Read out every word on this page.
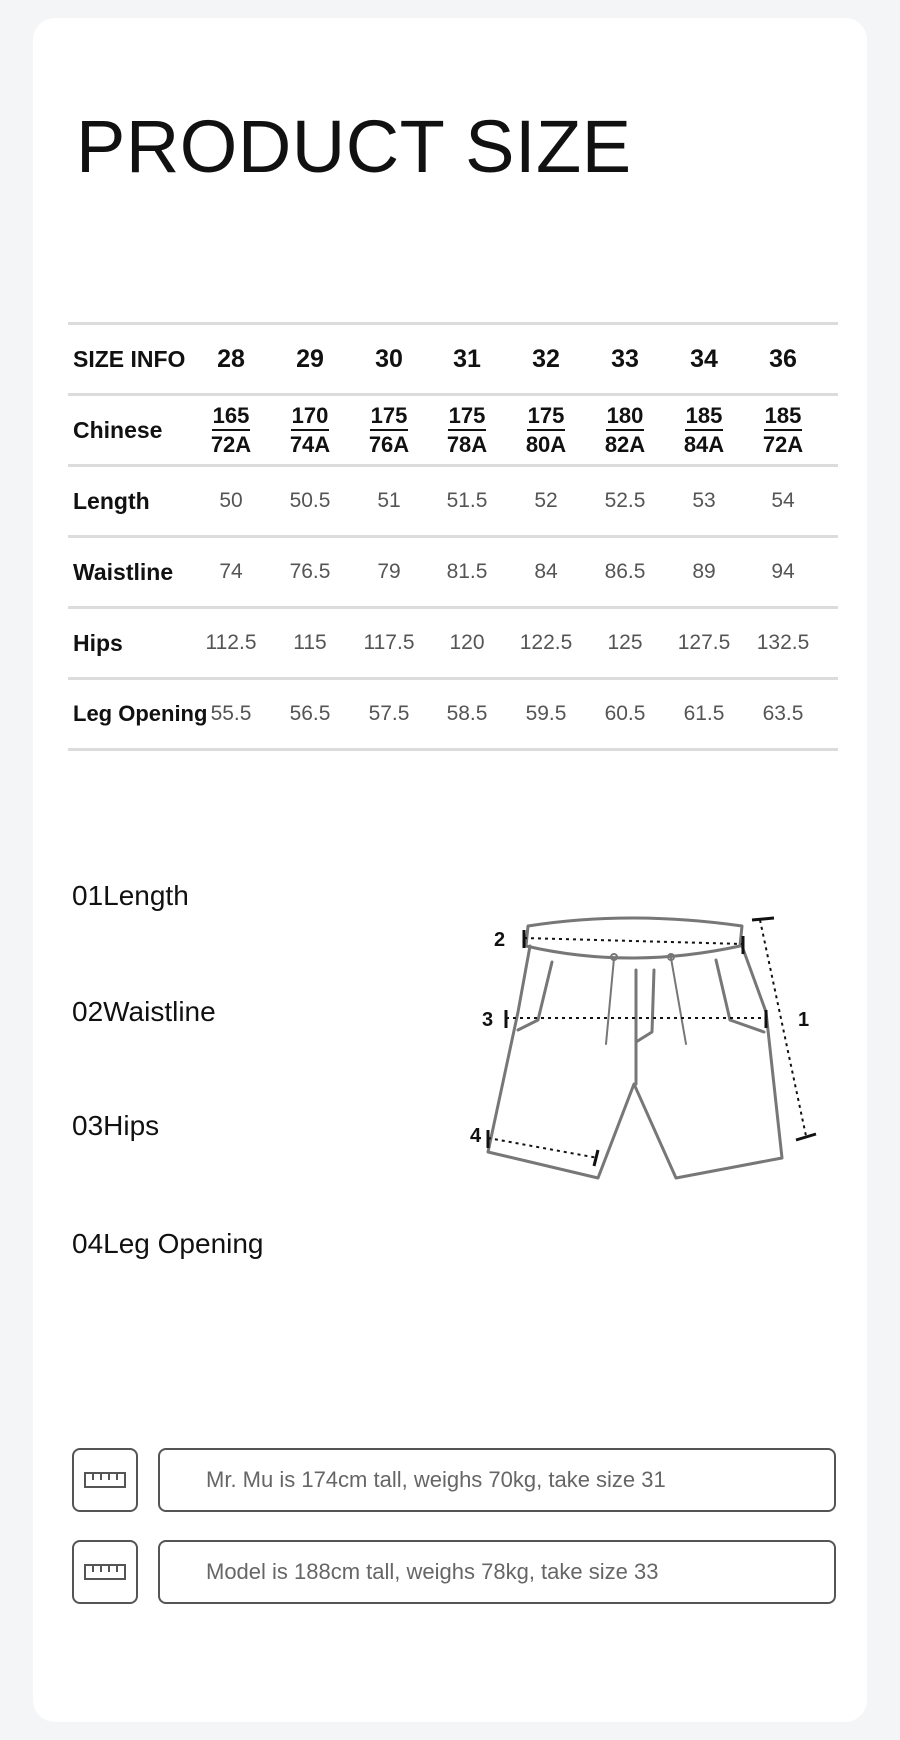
PRODUCT SIZE
SIZE INFO	28	29	30	31	32	33	34	36
Chinese $\frac{165}{72A} \frac{170}{74A} \frac{175}{76A} \frac{175}{78A} \frac{175}{80A} \frac{180}{82A} \frac{185}{84A} \frac{185}{72A}$
Length	50	50.5	51	51.5	52	52.5	53	54
Waistline	74	76.5	79	81.5	84	86.5	89	94
Hips	112.5	115	117.5	120	122.5	125	127.5	132.5
Leg Opening 55.5	56.5	57.5	58.5	59.5	60.5	61.5	63.5

01Length

02Waistline

03Hips

04Leg Opening

1
2
3
4
Mr. Mu is 174cm tall, weighs 70kg, take size 31
Model is 188cm tall, weighs 78kg, take size 33
